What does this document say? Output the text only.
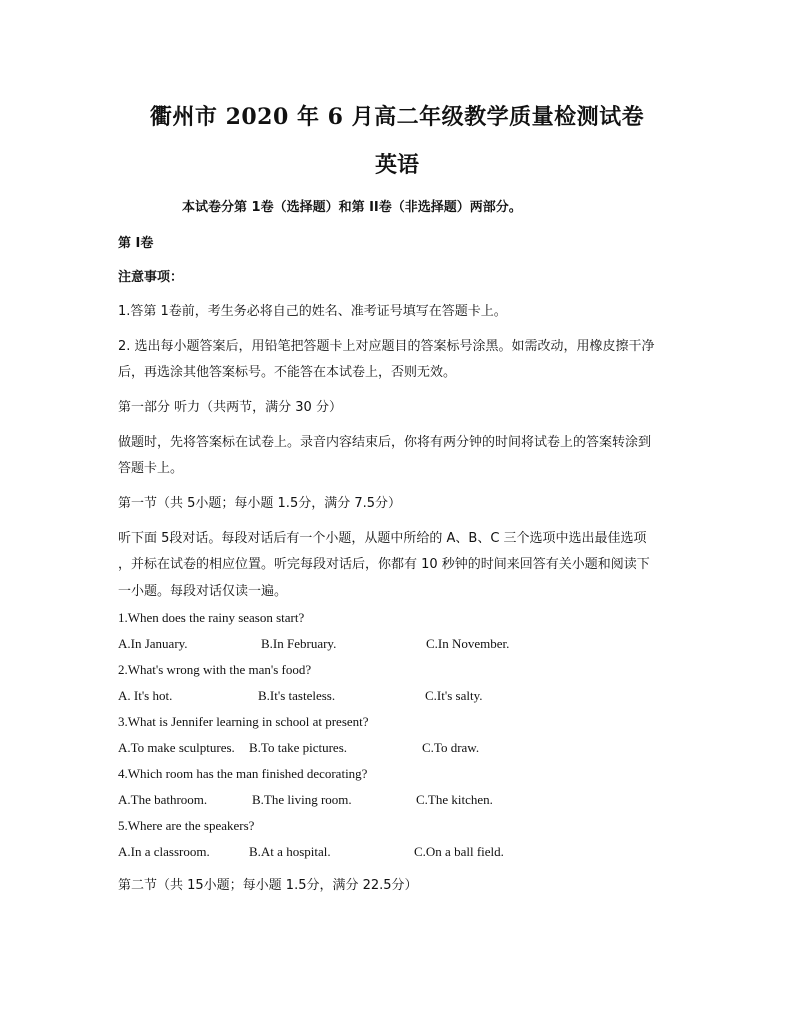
衢州市 2020 年 6 月高二年级教学质量检测试卷
英语
本试卷分第 1卷（选择题）和第 II卷（非选择题）两部分。
第 I卷
注意事项：
1.答第 1卷前，考生务必将自己的姓名、准考证号填写在答题卡上。
2. 选出每小题答案后，用铅笔把答题卡上对应题目的答案标号涂黑。如需改动，用橡皮擦干净
后，再选涂其他答案标号。不能答在本试卷上，否则无效。
第一部分 听力（共两节，满分 30 分）
做题时，先将答案标在试卷上。录音内容结束后，你将有两分钟的时间将试卷上的答案转涂到
答题卡上。
第一节（共 5小题；每小题 1.5分，满分 7.5分）
听下面 5段对话。每段对话后有一个小题，从题中所给的 A、B、C 三个选项中选出最佳选项
，并标在试卷的相应位置。听完每段对话后，你都有 10 秒钟的时间来回答有关小题和阅读下
一小题。每段对话仅读一遍。
1.When does the rainy season start?
A.In January.	B.In February.	C.In November.
2.What's wrong with the man's food?
A. It's hot.	B.It's tasteless.	C.It's salty.
3.What is Jennifer learning in school at present?
A.To make sculptures. B.To take pictures.	C.To draw.
4.Which room has the man finished decorating?
A.The bathroom.	B.The living room.	C.The kitchen.
5.Where are the speakers?
A.In a classroom.	B.At a hospital.	C.On a ball field.
第二节（共 15小题；每小题 1.5分，满分 22.5分）
